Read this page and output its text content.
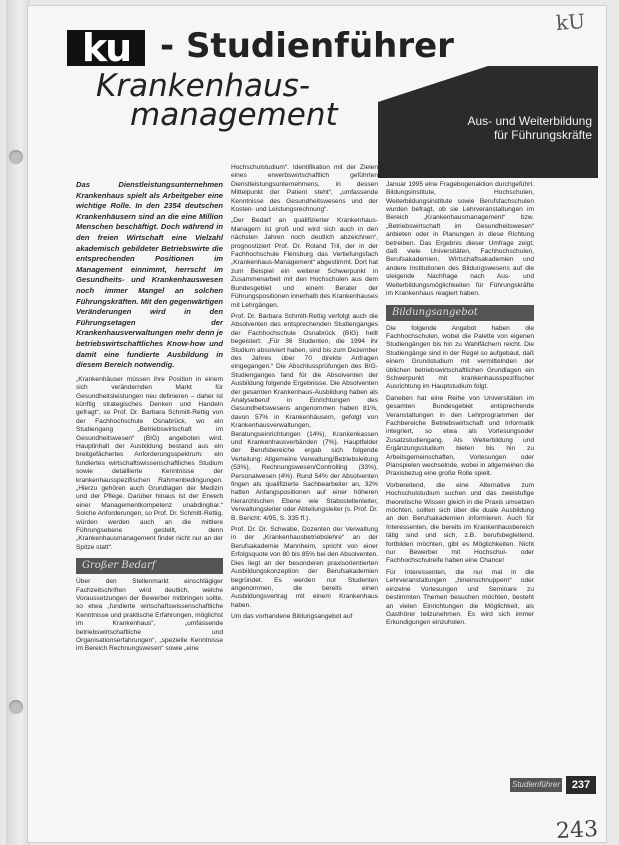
kU
ku - Studienführer
Krankenhaus-
management	Aus- und Weiterbildung
für Führungskräfte

Das Dienstleistungsunternehmen Krankenhaus spielt als Arbeitgeber eine wichtige Rolle. In den 2354 deutschen Krankenhäusern sind an die eine Million Menschen beschäftigt. Doch während in den freien Wirtschaft eine Vielzahl akademisch gebildeter Betriebswirte die entsprechenden Positionen im Management einnimmt, herrscht im Gesundheits- und Krankenhauswesen noch immer Mangel an solchen Führungskräften. Mit den gegenwärtigen Veränderungen wird in den Führungsetagen der Krankenhausverwaltungen mehr denn je betriebswirtschaftliches Know-how und damit eine fundierte Ausbildung in diesem Bereich notwendig.

„Krankenhäuser müssen ihre Position in einem sich verändernden Markt für Gesundheitsleistungen neu definieren – daher ist künftig strategisches Denken und Handeln gefragt“, so Prof. Dr. Barbara Schmitt-Rettig von der Fachhochschule Osnabrück, wo ein Studiengang „Betriebswirtschaft im Gesundheitswesen“ (BIG) angeboten wird. Hauptinhalt der Ausbildung bestand aus ein breitgefächertes Anforderungsspektrum: ein fundiertes wirtschaftswissenschaftliches Studium sowie detaillierte Kenntnisse der krankenhausspezifischen Rahmenbedingungen. „Hierzu gehören auch Grundlagen der Medizin und der Pflege. Darüber hinaus ist der Erwerb einer Managementkompetenz unabdingbar.“ Solche Anforderungen, so Prof. Dr. Schmitt-Rettig, würden werden auch an die mittlere Führungsebene gestellt, denn „Krankenhausmanagement findet nicht nur an der Spitze statt“.

Großer Bedarf

Über den Stellenmarkt einschlägiger Fachzeitschriften wird deutlich, welche Voraussetzungen der Bewerber mitbringen sollte, so etwa „fundierte wirtschaftswissenschaftliche Kenntnisse und praktische Erfahrungen, möglichst im Krankenhaus“, „umfassende betriebswirtschaftliche und Organisationserfahrungen“, „spezielle Kenntnisse im Bereich Rechnungswesen“ sowie „eine

Hochschulstudium“. Identifikation mit der Zielen eines erwerbswirtschaftlich geführten Dienstleistungsunternehmens, in dessen Mittelpunkt der Patient steht“, „umfassende Kenntnisse des Gesundheitswesens und der Kosten- und Leistungsrechnung“.

„Der Bedarf an qualifizierter Krankenhaus-Managern ist groß und wird sich auch in den nächsten Jahren noch deutlich abzeichnen“, prognostiziert Prof. Dr. Roland Tril, der in der Fachhochschule Flensburg das Vertiefungsfach „Krankenhaus-Management“ abgestimmt. Dort hat zum Beispiel ein weiterer Schwerpunkt in Zusammenarbeit mit den Hochschulen aus dem Bundesgebiet und einem Berater der Führungspositionen innerhalb des Krankenhauses mit Lehrgängen.

Prof. Dr. Barbara Schmitt-Rettig verfolgt auch die Absolventen des entsprechenden Studienganges der Fachhochschule Osnabrück (BIG) hellt begeistert: „Für 36 Studenten, die 1994 ihr Studium absolviert haben, sind bis zum Dezember des Jahres über 70 direkte Anfragen eingegangen.“ Die Abschlussprüfungen des BIG-Studienganges fand für die Absolventen der Ausbildung folgende Ergebnisse. Die Absolventen der gesamten Krankenhaus-Ausbildung haben als Analyseberuf in Einrichtungen des Gesundheitswesens angenommen haben 81%, davon 57% in Krankenhäusern, gefolgt von Krankenhausverwaltungen, Beratungseinrichtungen (14%), Krankenkassen und Krankenhausverbänden (7%). Hauptfelder der Berufsbereiche ergab sich folgende Verteilung: Allgemeine Verwaltung/Betriebsleitung (53%), Rechnungswesen/Controlling (33%), Personalwesen (4%). Rund 54% der Absolventen fingen als qualifizierte Sachbearbeiter an, 32% hatten Anfangspositionen auf einer höheren hierarchischen Ebene wie Stabsstellenleiter, Verwaltungsleiter oder Abteilungsleiter (s. Prof. Dr. B. Bericht: 4/95, S. 335 ff.).

Prof. Dr. Dr. Schwabe, Dozenten der Verwaltung in der „Krankenhausbetriebslehre“ an der Berufsakademie Mannheim, spricht von einer Erfolgsquote von 80 bis 85% bei den Absolventen. Dies liegt an der besonderen praxisorientierten Ausbildungskonzeption der Berufsakademien begründet. Es werden nur Studenten angenommen, die bereits einen Ausbildungsvertrag mit einem Krankenhaus haben.

Um das vorhandene Bildungsangebot auf

diesem Sektor möglichst umfassend zu erfassen, hat die ku in den Monaten Dezember 1994 und Januar 1995 eine Fragebogenaktion durchgeführt. Bildungsinstitute, Hochschulen, Weiterbildungsinstitute sowie Berufsfachschulen wurden befragt, ob sie Lehrveranstaltungen im Bereich „Krankenhausmanagement“ bzw. „Betriebswirtschaft im Gesundheitswesen“ anbieten oder in Planungen in diese Richtung betreiben. Das Ergebnis dieser Umfrage zeigt, daß viele Universitäten, Fachhochschulen, Berufsakademien, Wirtschaftsakademien und andere Institutionen des Bildungswesens auf die steigende Nachfrage nach Aus- und Weiterbildungsmöglichkeiten für Führungskräfte im Krankenhaus reagiert haben.

Bildungsangebot

Die folgende Angebot haben die Fachhochschulen, wobei die Palette von eigenen Studiengängen bis hin zu Wahlfächern reicht. Die Studiengänge sind in der Regel so aufgebaut, daß einem Grundstudium mit vermittelnden der üblichen betriebswirtschaftlichen Grundlagen ein Schwerpunkt mit krankenhausspezifischer Ausrichtung im Hauptstudium folgt.

Daneben hat eine Reihe von Universitäten im gesamten Bundesgebiet entsprechende Veranstaltungen in den Lehrprogrammen der Fachbereiche Betriebswirtschaft und Informatik integriert, so etwa als Vorlesungsoder Zusatzstudiengang. Als Weiterbildung und Ergänzungsstudium bieten bis hin zu Arbeitsgemeinschaften, Vorlesungen oder Planspielen wechselnde, wobei in allgemeinen die Praxisbezug eine große Rolle spielt.

Vorbereitend, die eine Alternative zum Hochschulstudium suchen und das zweistufige theoretische Wissen gleich in die Praxis umsetzen möchten, sollten sich über die duale Ausbildung an den Berufsakademien informieren. Auch für Interessenten, die bereits im Krankenhausbereich tätig sind und sich, z.B. berufsbegleitend, fortbilden möchten, gibt es Möglichkeiten. Nicht nur Bewerber mit Hochschul- oder Fachhochschulreife haben eine Chance!

Für Interessenten, die nur mal in die Lehrveranstaltungen „hineinschnuppern“ oder einzelne Vorlesungen und Seminare zu bestimmten Themen besuchen möchten, besteht an vielen Einrichtungen die Möglichkeit, als Gasthörer teilzunehmen. Es wird sich immer Erkundigungen einzuholen.

Studienführer	237
243
